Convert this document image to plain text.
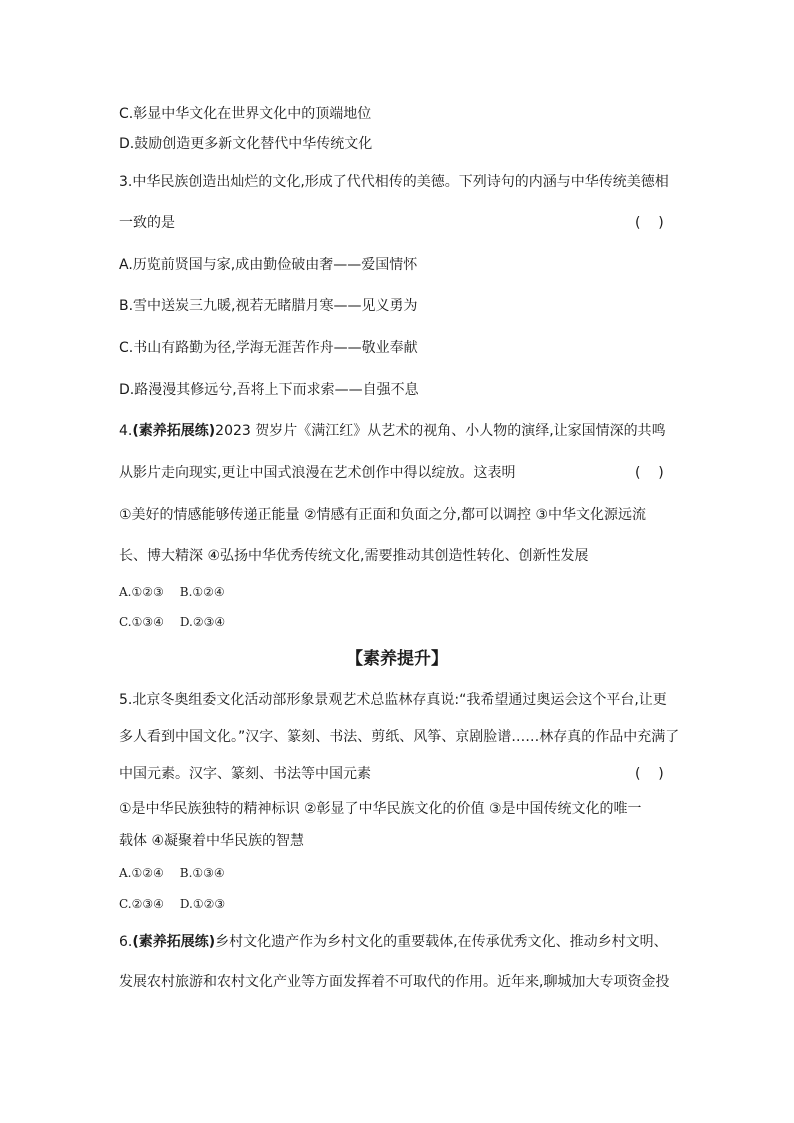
C.彰显中华文化在世界文化中的顶端地位
D.鼓励创造更多新文化替代中华传统文化
3.中华民族创造出灿烂的文化,形成了代代相传的美德。下列诗句的内涵与中华传统美德相
一致的是	(    )
A.历览前贤国与家,成由勤俭破由奢——爱国情怀
B.雪中送炭三九暖,视若无睹腊月寒——见义勇为
C.书山有路勤为径,学海无涯苦作舟——敬业奉献
D.路漫漫其修远兮,吾将上下而求索——自强不息
4.(素养拓展练)2023 贺岁片《满江红》从艺术的视角、小人物的演绎,让家国情深的共鸣
从影片走向现实,更让中国式浪漫在艺术创作中得以绽放。这表明	(    )
①美好的情感能够传递正能量 ②情感有正面和负面之分,都可以调控 ③中华文化源远流
长、博大精深 ④弘扬中华优秀传统文化,需要推动其创造性转化、创新性发展
A.①②③ B.①②④
C.①③④ D.②③④
【素养提升】
5.北京冬奥组委文化活动部形象景观艺术总监林存真说:“我希望通过奥运会这个平台,让更
多人看到中国文化。”汉字、篆刻、书法、剪纸、风筝、京剧脸谱……林存真的作品中充满了
中国元素。汉字、篆刻、书法等中国元素	(    )
①是中华民族独特的精神标识 ②彰显了中华民族文化的价值 ③是中国传统文化的唯一
载体 ④凝聚着中华民族的智慧
A.①②④ B.①③④
C.②③④ D.①②③
6.(素养拓展练)乡村文化遗产作为乡村文化的重要载体,在传承优秀文化、推动乡村文明、
发展农村旅游和农村文化产业等方面发挥着不可取代的作用。近年来,聊城加大专项资金投
